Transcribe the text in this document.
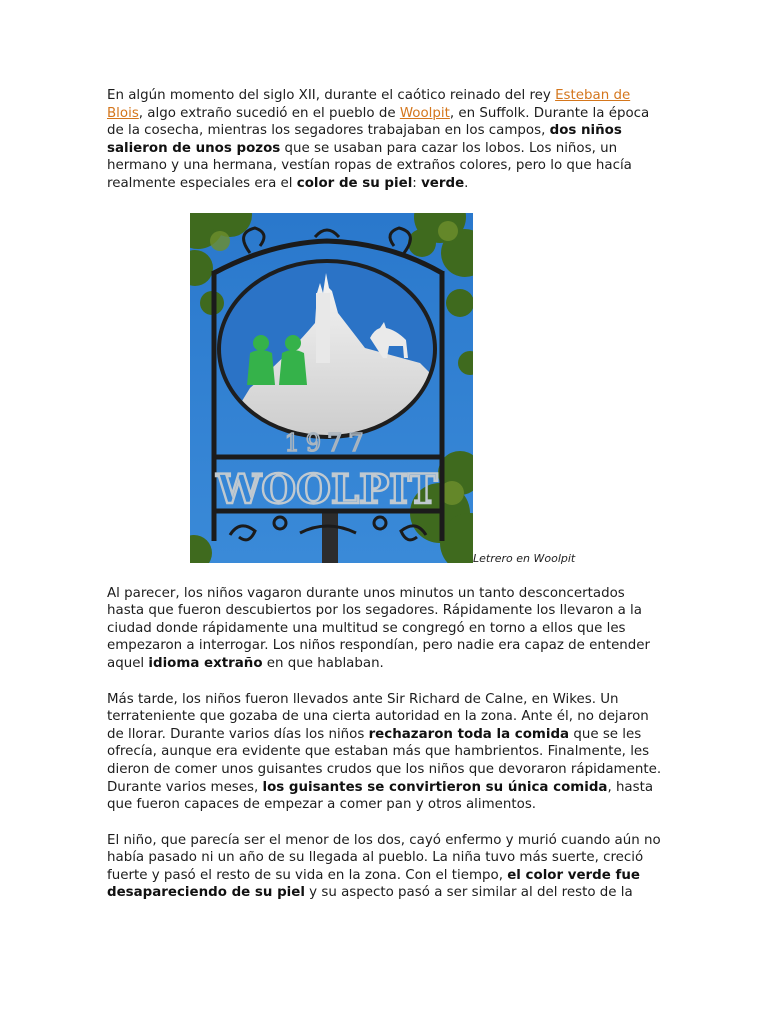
En algún momento del siglo XII, durante el caótico reinado del rey Esteban de Blois, algo extraño sucedió en el pueblo de Woolpit, en Suffolk. Durante la época de la cosecha, mientras los segadores trabajaban en los campos, dos niños salieron de unos pozos que se usaban para cazar los lobos. Los niños, un hermano y una hermana, vestían ropas de extraños colores, pero lo que hacía realmente especiales era el color de su piel: verde.

1977
WOOLPIT
Letrero en Woolpit

Al parecer, los niños vagaron durante unos minutos un tanto desconcertados hasta que fueron descubiertos por los segadores. Rápidamente los llevaron a la ciudad donde rápidamente una multitud se congregó en torno a ellos que les empezaron a interrogar. Los niños respondían, pero nadie era capaz de entender aquel idioma extraño en que hablaban.

Más tarde, los niños fueron llevados ante Sir Richard de Calne, en Wikes. Un terrateniente que gozaba de una cierta autoridad en la zona. Ante él, no dejaron de llorar. Durante varios días los niños rechazaron toda la comida que se les ofrecía, aunque era evidente que estaban más que hambrientos. Finalmente, les dieron de comer unos guisantes crudos que los niños que devoraron rápidamente. Durante varios meses, los guisantes se convirtieron su única comida, hasta que fueron capaces de empezar a comer pan y otros alimentos.

El niño, que parecía ser el menor de los dos, cayó enfermo y murió cuando aún no había pasado ni un año de su llegada al pueblo. La niña tuvo más suerte, creció fuerte y pasó el resto de su vida en la zona. Con el tiempo, el color verde fue desapareciendo de su piel y su aspecto pasó a ser similar al del resto de la
